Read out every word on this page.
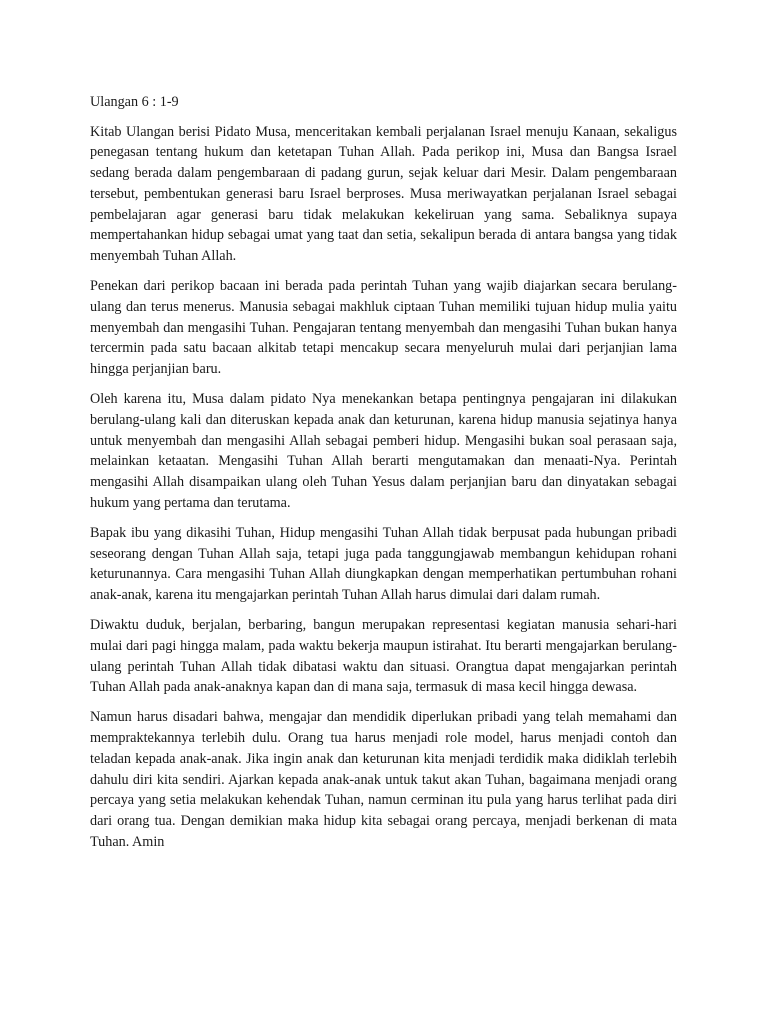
Ulangan 6 : 1-9

Kitab Ulangan berisi Pidato Musa, menceritakan kembali perjalanan Israel menuju Kanaan, sekaligus penegasan tentang hukum dan ketetapan Tuhan Allah. Pada perikop ini, Musa dan Bangsa Israel sedang berada dalam pengembaraan di padang gurun, sejak keluar dari Mesir. Dalam pengembaraan tersebut, pembentukan generasi baru Israel berproses. Musa meriwayatkan perjalanan Israel sebagai pembelajaran agar generasi baru tidak melakukan kekeliruan yang sama. Sebaliknya supaya mempertahankan hidup sebagai umat yang taat dan setia, sekalipun berada di antara bangsa yang tidak menyembah Tuhan Allah.

Penekan dari perikop bacaan ini berada pada perintah Tuhan yang wajib diajarkan secara berulang-ulang dan terus menerus. Manusia sebagai makhluk ciptaan Tuhan memiliki tujuan hidup mulia yaitu menyembah dan mengasihi Tuhan. Pengajaran tentang menyembah dan mengasihi Tuhan bukan hanya tercermin pada satu bacaan alkitab tetapi mencakup secara menyeluruh mulai dari perjanjian lama hingga perjanjian baru.

Oleh karena itu, Musa dalam pidato Nya menekankan betapa pentingnya pengajaran ini dilakukan berulang-ulang kali dan diteruskan kepada anak dan keturunan, karena hidup manusia sejatinya hanya untuk menyembah dan mengasihi Allah sebagai pemberi hidup. Mengasihi bukan soal perasaan saja, melainkan ketaatan. Mengasihi Tuhan Allah berarti mengutamakan dan menaati-Nya. Perintah mengasihi Allah disampaikan ulang oleh Tuhan Yesus dalam perjanjian baru dan dinyatakan sebagai hukum yang pertama dan terutama.

Bapak ibu yang dikasihi Tuhan, Hidup mengasihi Tuhan Allah tidak berpusat pada hubungan pribadi seseorang dengan Tuhan Allah saja, tetapi juga pada tanggungjawab membangun kehidupan rohani keturunannya. Cara mengasihi Tuhan Allah diungkapkan dengan memperhatikan pertumbuhan rohani anak-anak, karena itu mengajarkan perintah Tuhan Allah harus dimulai dari dalam rumah.

Diwaktu duduk, berjalan, berbaring, bangun merupakan representasi kegiatan manusia sehari-hari mulai dari pagi hingga malam, pada waktu bekerja maupun istirahat. Itu berarti mengajarkan berulang-ulang perintah Tuhan Allah tidak dibatasi waktu dan situasi. Orangtua dapat mengajarkan perintah Tuhan Allah pada anak-anaknya kapan dan di mana saja, termasuk di masa kecil hingga dewasa.

Namun harus disadari bahwa, mengajar dan mendidik diperlukan pribadi yang telah memahami dan mempraktekannya terlebih dulu. Orang tua harus menjadi role model, harus menjadi contoh dan teladan kepada anak-anak. Jika ingin anak dan keturunan kita menjadi terdidik maka didiklah terlebih dahulu diri kita sendiri. Ajarkan kepada anak-anak untuk takut akan Tuhan, bagaimana menjadi orang percaya yang setia melakukan kehendak Tuhan, namun cerminan itu pula yang harus terlihat pada diri dari orang tua. Dengan demikian maka hidup kita sebagai orang percaya, menjadi berkenan di mata Tuhan. Amin
